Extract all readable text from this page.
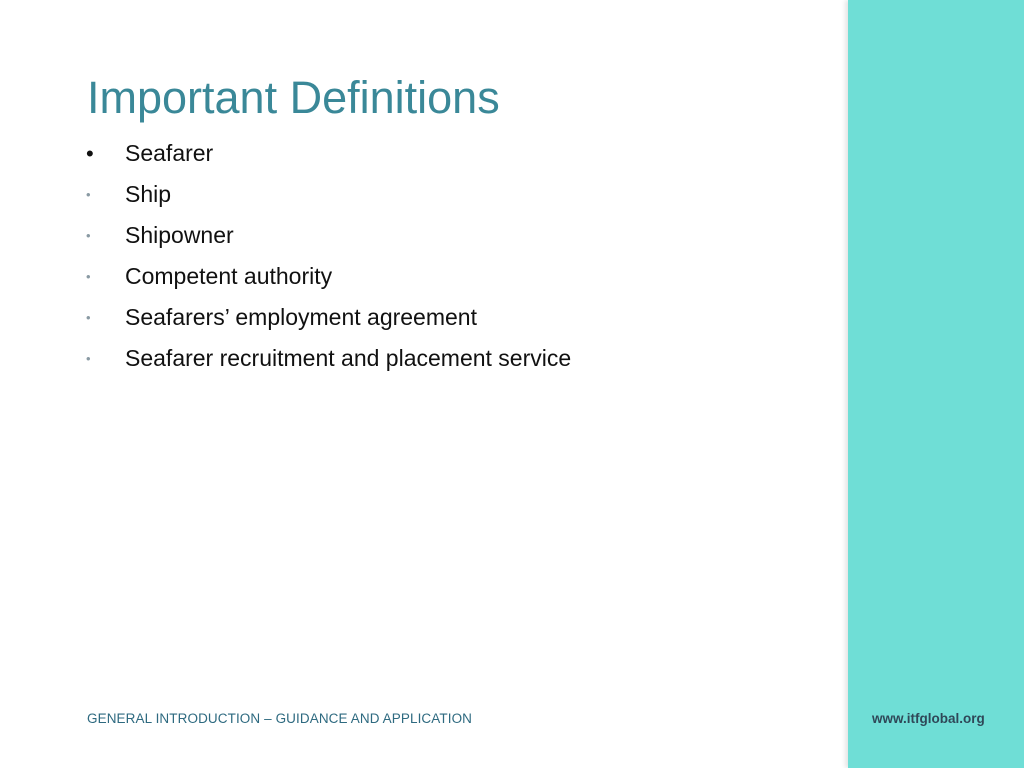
Important Definitions
•	Seafarer
•	Ship
•	Shipowner
•	Competent authority
•	Seafarers’ employment agreement
•	Seafarer recruitment and placement service
GENERAL INTRODUCTION – GUIDANCE AND APPLICATION	www.itfglobal.org
